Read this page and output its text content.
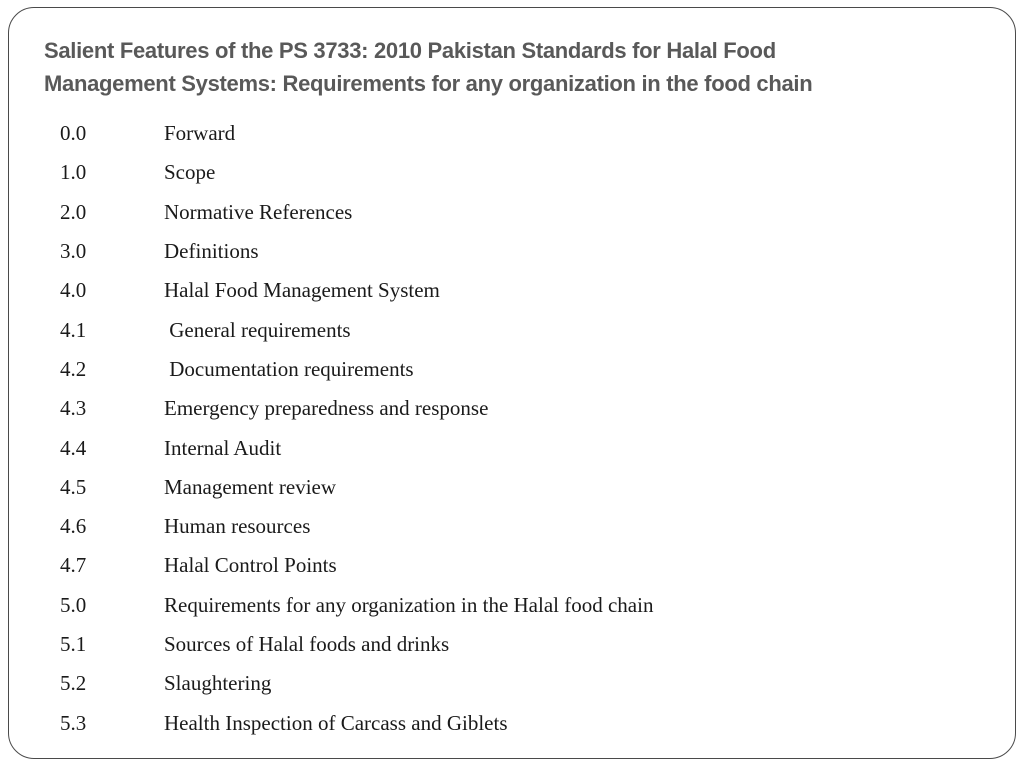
Salient Features of the PS 3733: 2010 Pakistan Standards for Halal Food
Management Systems: Requirements for any organization in the food chain
0.0	Forward
1.0	Scope
2.0	Normative References
3.0	Definitions
4.0	Halal Food Management System
4.1	General requirements
4.2	Documentation requirements
4.3	Emergency preparedness and response
4.4	Internal Audit
4.5	Management review
4.6	Human resources
4.7	Halal Control Points
5.0	Requirements for any organization in the Halal food chain
5.1	Sources of Halal foods and drinks
5.2	Slaughtering
5.3	Health Inspection of Carcass and Giblets
